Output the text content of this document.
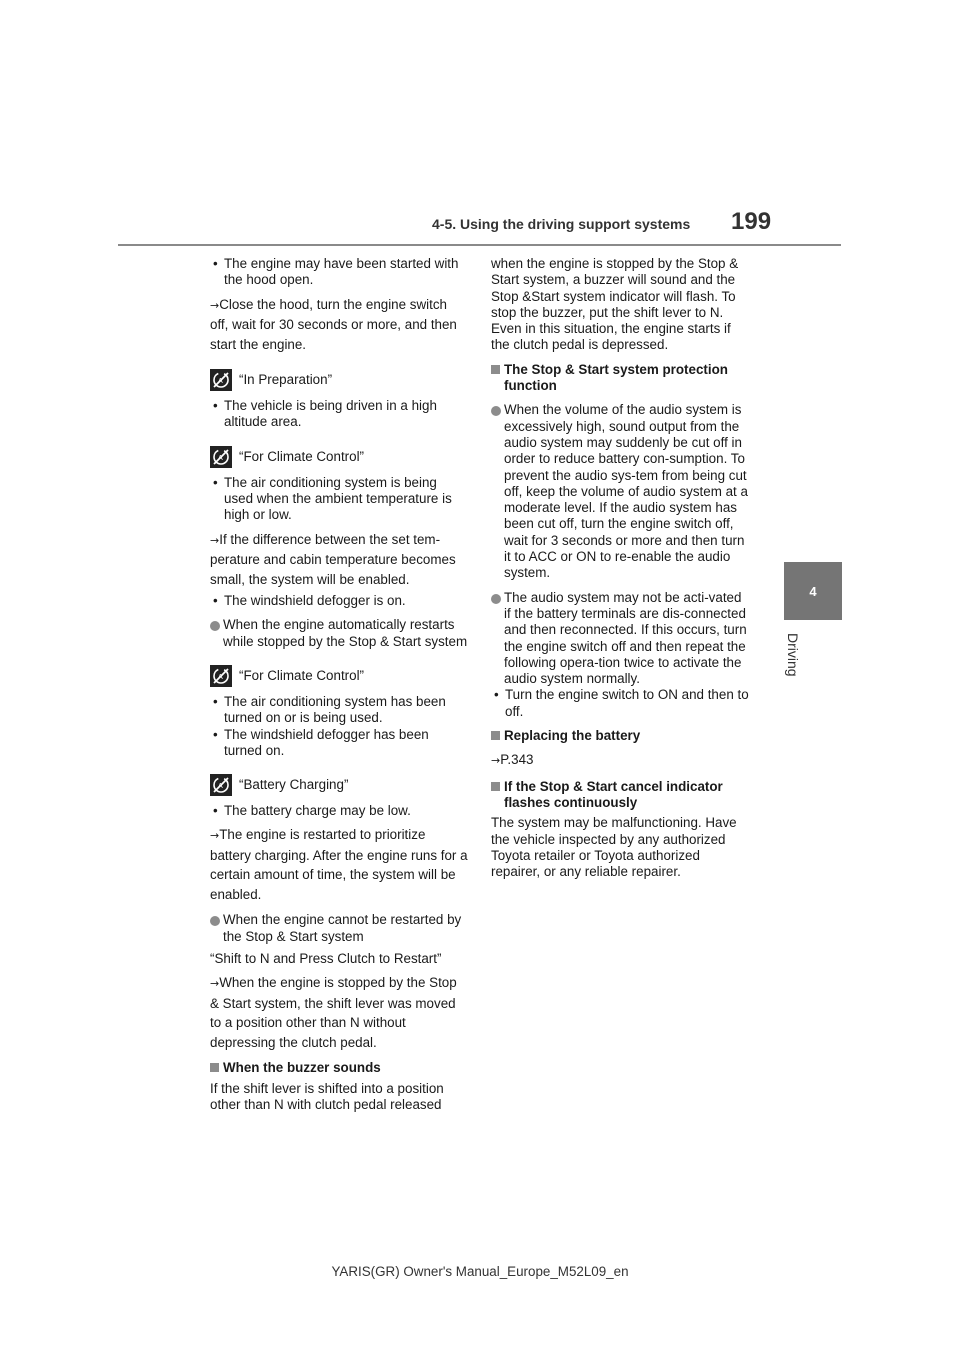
4-5. Using the driving support systems 199
4
Driving
• The engine may have been started with the hood open.
→Close the hood, turn the engine switch off, wait for 30 seconds or more, and then start the engine.
A “In Preparation”
• The vehicle is being driven in a high altitude area.
A “For Climate Control”
• The air conditioning system is being used when the ambient temperature is high or low.
→If the difference between the set tem-perature and cabin temperature becomes small, the system will be enabled.
• The windshield defogger is on.
When the engine automatically restarts while stopped by the Stop & Start system
A “For Climate Control”
• The air conditioning system has been turned on or is being used.
• The windshield defogger has been turned on.
A “Battery Charging”
• The battery charge may be low.
→The engine is restarted to prioritize battery charging. After the engine runs for a certain amount of time, the system will be enabled.
When the engine cannot be restarted by the Stop & Start system
“Shift to N and Press Clutch to Restart”
→When the engine is stopped by the Stop & Start system, the shift lever was moved to a position other than N without depressing the clutch pedal.
When the buzzer sounds
If the shift lever is shifted into a position other than N with clutch pedal released
when the engine is stopped by the Stop & Start system, a buzzer will sound and the Stop &Start system indicator will flash. To stop the buzzer, put the shift lever to N. Even in this situation, the engine starts if the clutch pedal is depressed.
The Stop & Start system protection function
When the volume of the audio system is excessively high, sound output from the audio system may suddenly be cut off in order to reduce battery con-sumption. To prevent the audio sys-tem from being cut off, keep the volume of audio system at a moderate level. If the audio system has been cut off, turn the engine switch off, wait for 3 seconds or more and then turn it to ACC or ON to re-enable the audio system.
The audio system may not be acti-vated if the battery terminals are dis-connected and then reconnected. If this occurs, turn the engine switch off and then repeat the following opera-tion twice to activate the audio system normally.
• Turn the engine switch to ON and then to off.
Replacing the battery
→P.343
If the Stop & Start cancel indicator flashes continuously
The system may be malfunctioning. Have the vehicle inspected by any authorized Toyota retailer or Toyota authorized repairer, or any reliable repairer.
YARIS(GR) Owner's Manual_Europe_M52L09_en
